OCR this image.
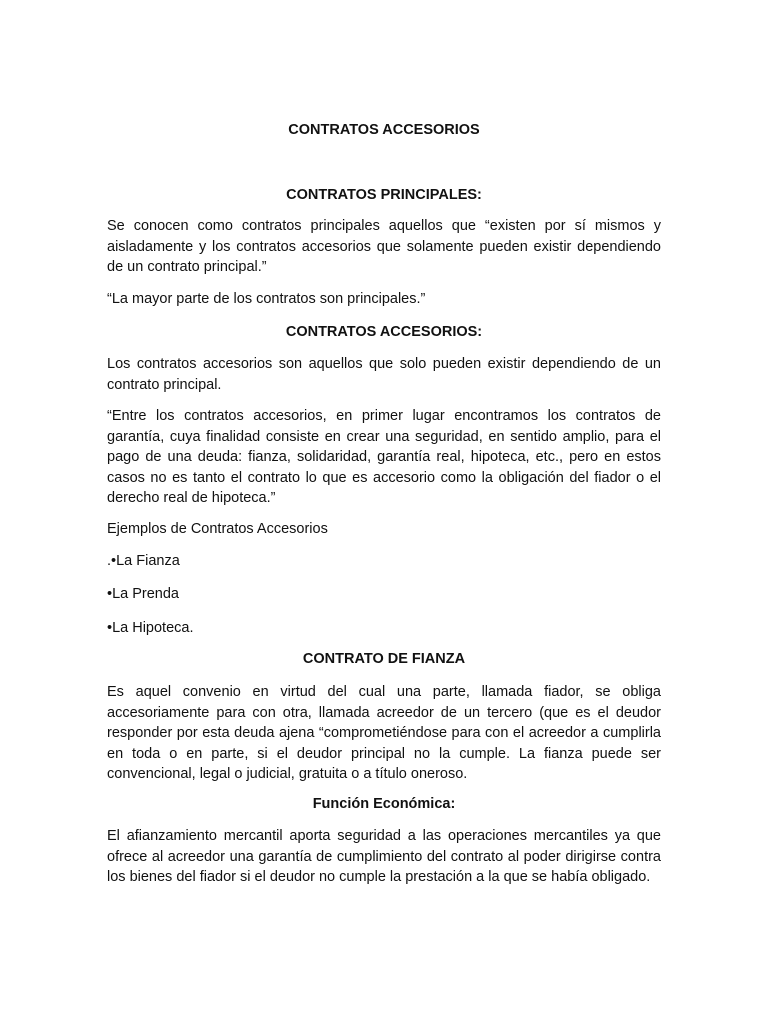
CONTRATOS ACCESORIOS
CONTRATOS PRINCIPALES:

Se conocen como contratos principales aquellos que “existen por sí mismos y aisladamente y los contratos accesorios que solamente pueden existir dependiendo de un contrato principal.”

“La mayor parte de los contratos son principales.”

CONTRATOS ACCESORIOS:

Los contratos accesorios son aquellos que solo pueden existir dependiendo de un contrato principal.

“Entre los contratos accesorios, en primer lugar encontramos los contratos de garantía, cuya finalidad consiste en crear una seguridad, en sentido amplio, para el pago de una deuda: fianza, solidaridad, garantía real, hipoteca, etc., pero en estos casos no es tanto el contrato lo que es accesorio como la obligación del fiador o el derecho real de hipoteca.”

Ejemplos de Contratos Accesorios

.•La Fianza

•La Prenda

•La Hipoteca.

CONTRATO DE FIANZA

Es aquel convenio en virtud del cual una parte, llamada fiador, se obliga accesoriamente para con otra, llamada acreedor de un tercero (que es el deudor responder por esta deuda ajena “comprometiéndose para con el acreedor a cumplirla en toda o en parte, si el deudor principal no la cumple. La fianza puede ser convencional, legal o judicial, gratuita o a título oneroso.

Función Económica:

El afianzamiento mercantil aporta seguridad a las operaciones mercantiles ya que ofrece al acreedor una garantía de cumplimiento del contrato al poder dirigirse contra los bienes del fiador si el deudor no cumple la prestación a la que se había obligado.
